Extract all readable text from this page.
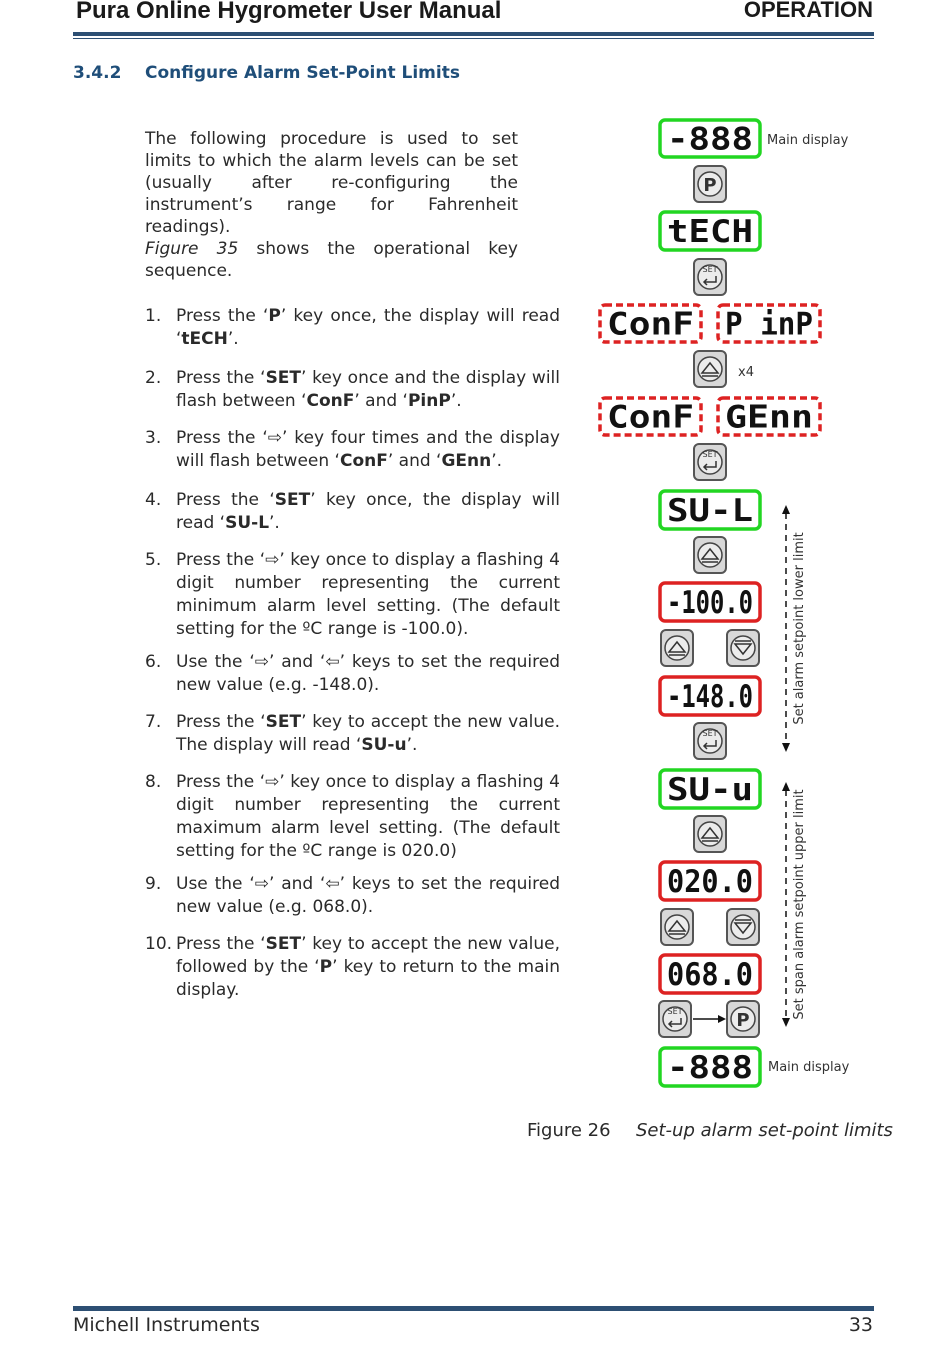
Pura Online Hygrometer User Manual	OPERATION
3.4.2 Configure Alarm Set-Point Limits

The following procedure is used to set limits to which the alarm levels can be set (usually after re-configuring the instrument’s range for Fahrenheit readings).

Figure 35 shows the operational key sequence.

1. Press the ‘P’ key once, the display will read ‘tECH’.
2. Press the ‘SET’ key once and the display will flash between ‘ConF’ and ‘PinP’.
3. Press the ‘⇨’ key four times and the display will flash between ‘ConF’ and ‘GEnn’.
4. Press the ‘SET’ key once, the display will read ‘SU-L’.
5. Press the ‘⇨’ key once to display a flashing 4 digit number representing the current minimum alarm level setting. (The default setting for the ºC range is -100.0).
6. Use the ‘⇨’ and ‘⇦’ keys to set the required new value (e.g. -148.0).
7. Press the ‘SET’ key to accept the new value. The display will read ‘SU-u’.
8. Press the ‘⇨’ key once to display a flashing 4 digit number representing the current maximum alarm level setting. (The default setting for the ºC range is 020.0)
9. Use the ‘⇨’ and ‘⇦’ keys to set the required new value (e.g. 068.0).
10. Press the ‘SET’ key to accept the new value, followed by the ‘P’ key to return to the main display.
-888 Main display
P
tECH
SET
ConF P inP
x4
ConF GEnn
SET
SU-L
-100.0
-148.0
SET
SU-u
020.0
068.0
SET	P
-888 Main display
Set alarm setpoint lower limit
Set span alarm setpoint upper limit
Figure 26 Set-up alarm set-point limits
Michell Instruments	33
